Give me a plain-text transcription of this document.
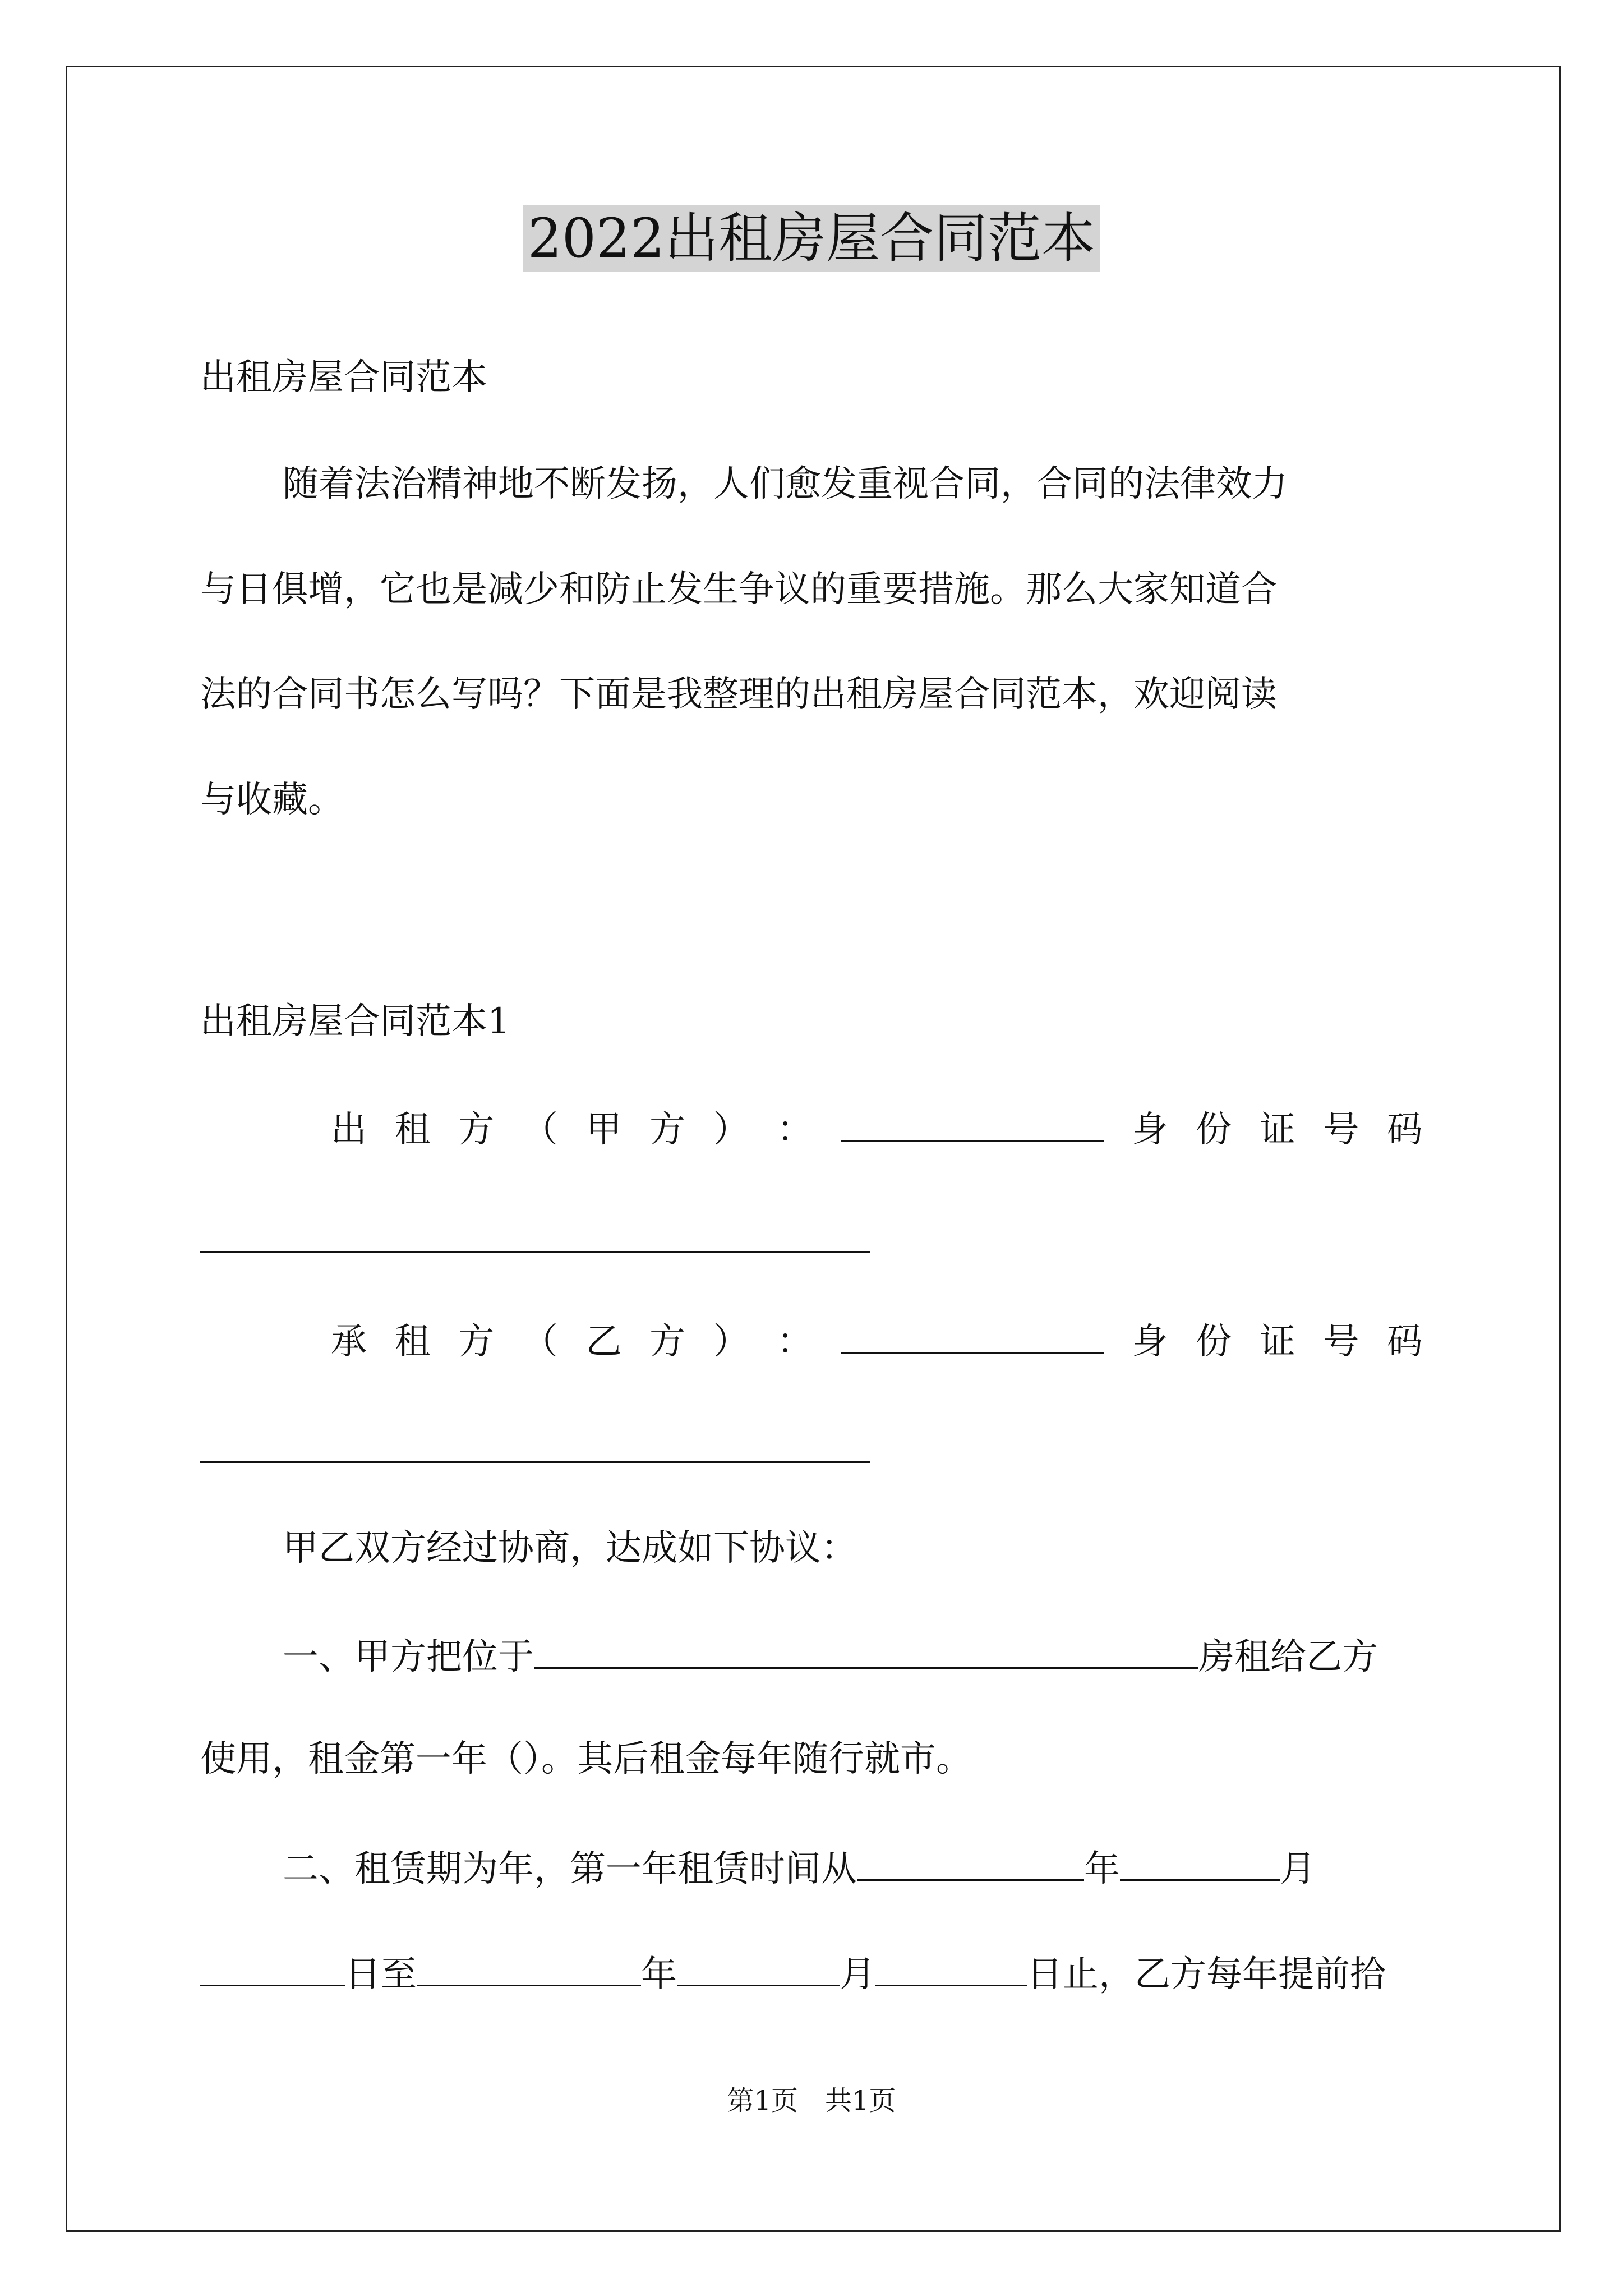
2022出租房屋合同范本
出租房屋合同范本
随着法治精神地不断发扬，人们愈发重视合同，合同的法律效力
与日俱增，它也是减少和防止发生争议的重要措施。那么大家知道合
法的合同书怎么写吗？下面是我整理的出租房屋合同范本，欢迎阅读
与收藏。
出租房屋合同范本1
出 租 方 （ 甲 方 ） ：	身 份 证 号 码
承 租 方 （ 乙 方 ） ：	身 份 证 号 码
甲乙双方经过协商，达成如下协议：
一、甲方把位于	房租给乙方
使用，租金第一年（）。其后租金每年随行就市。
二、租赁期为年，第一年租赁时间从	年	月
日至	年	月	日止，乙方每年提前拾
第1页 共1页
